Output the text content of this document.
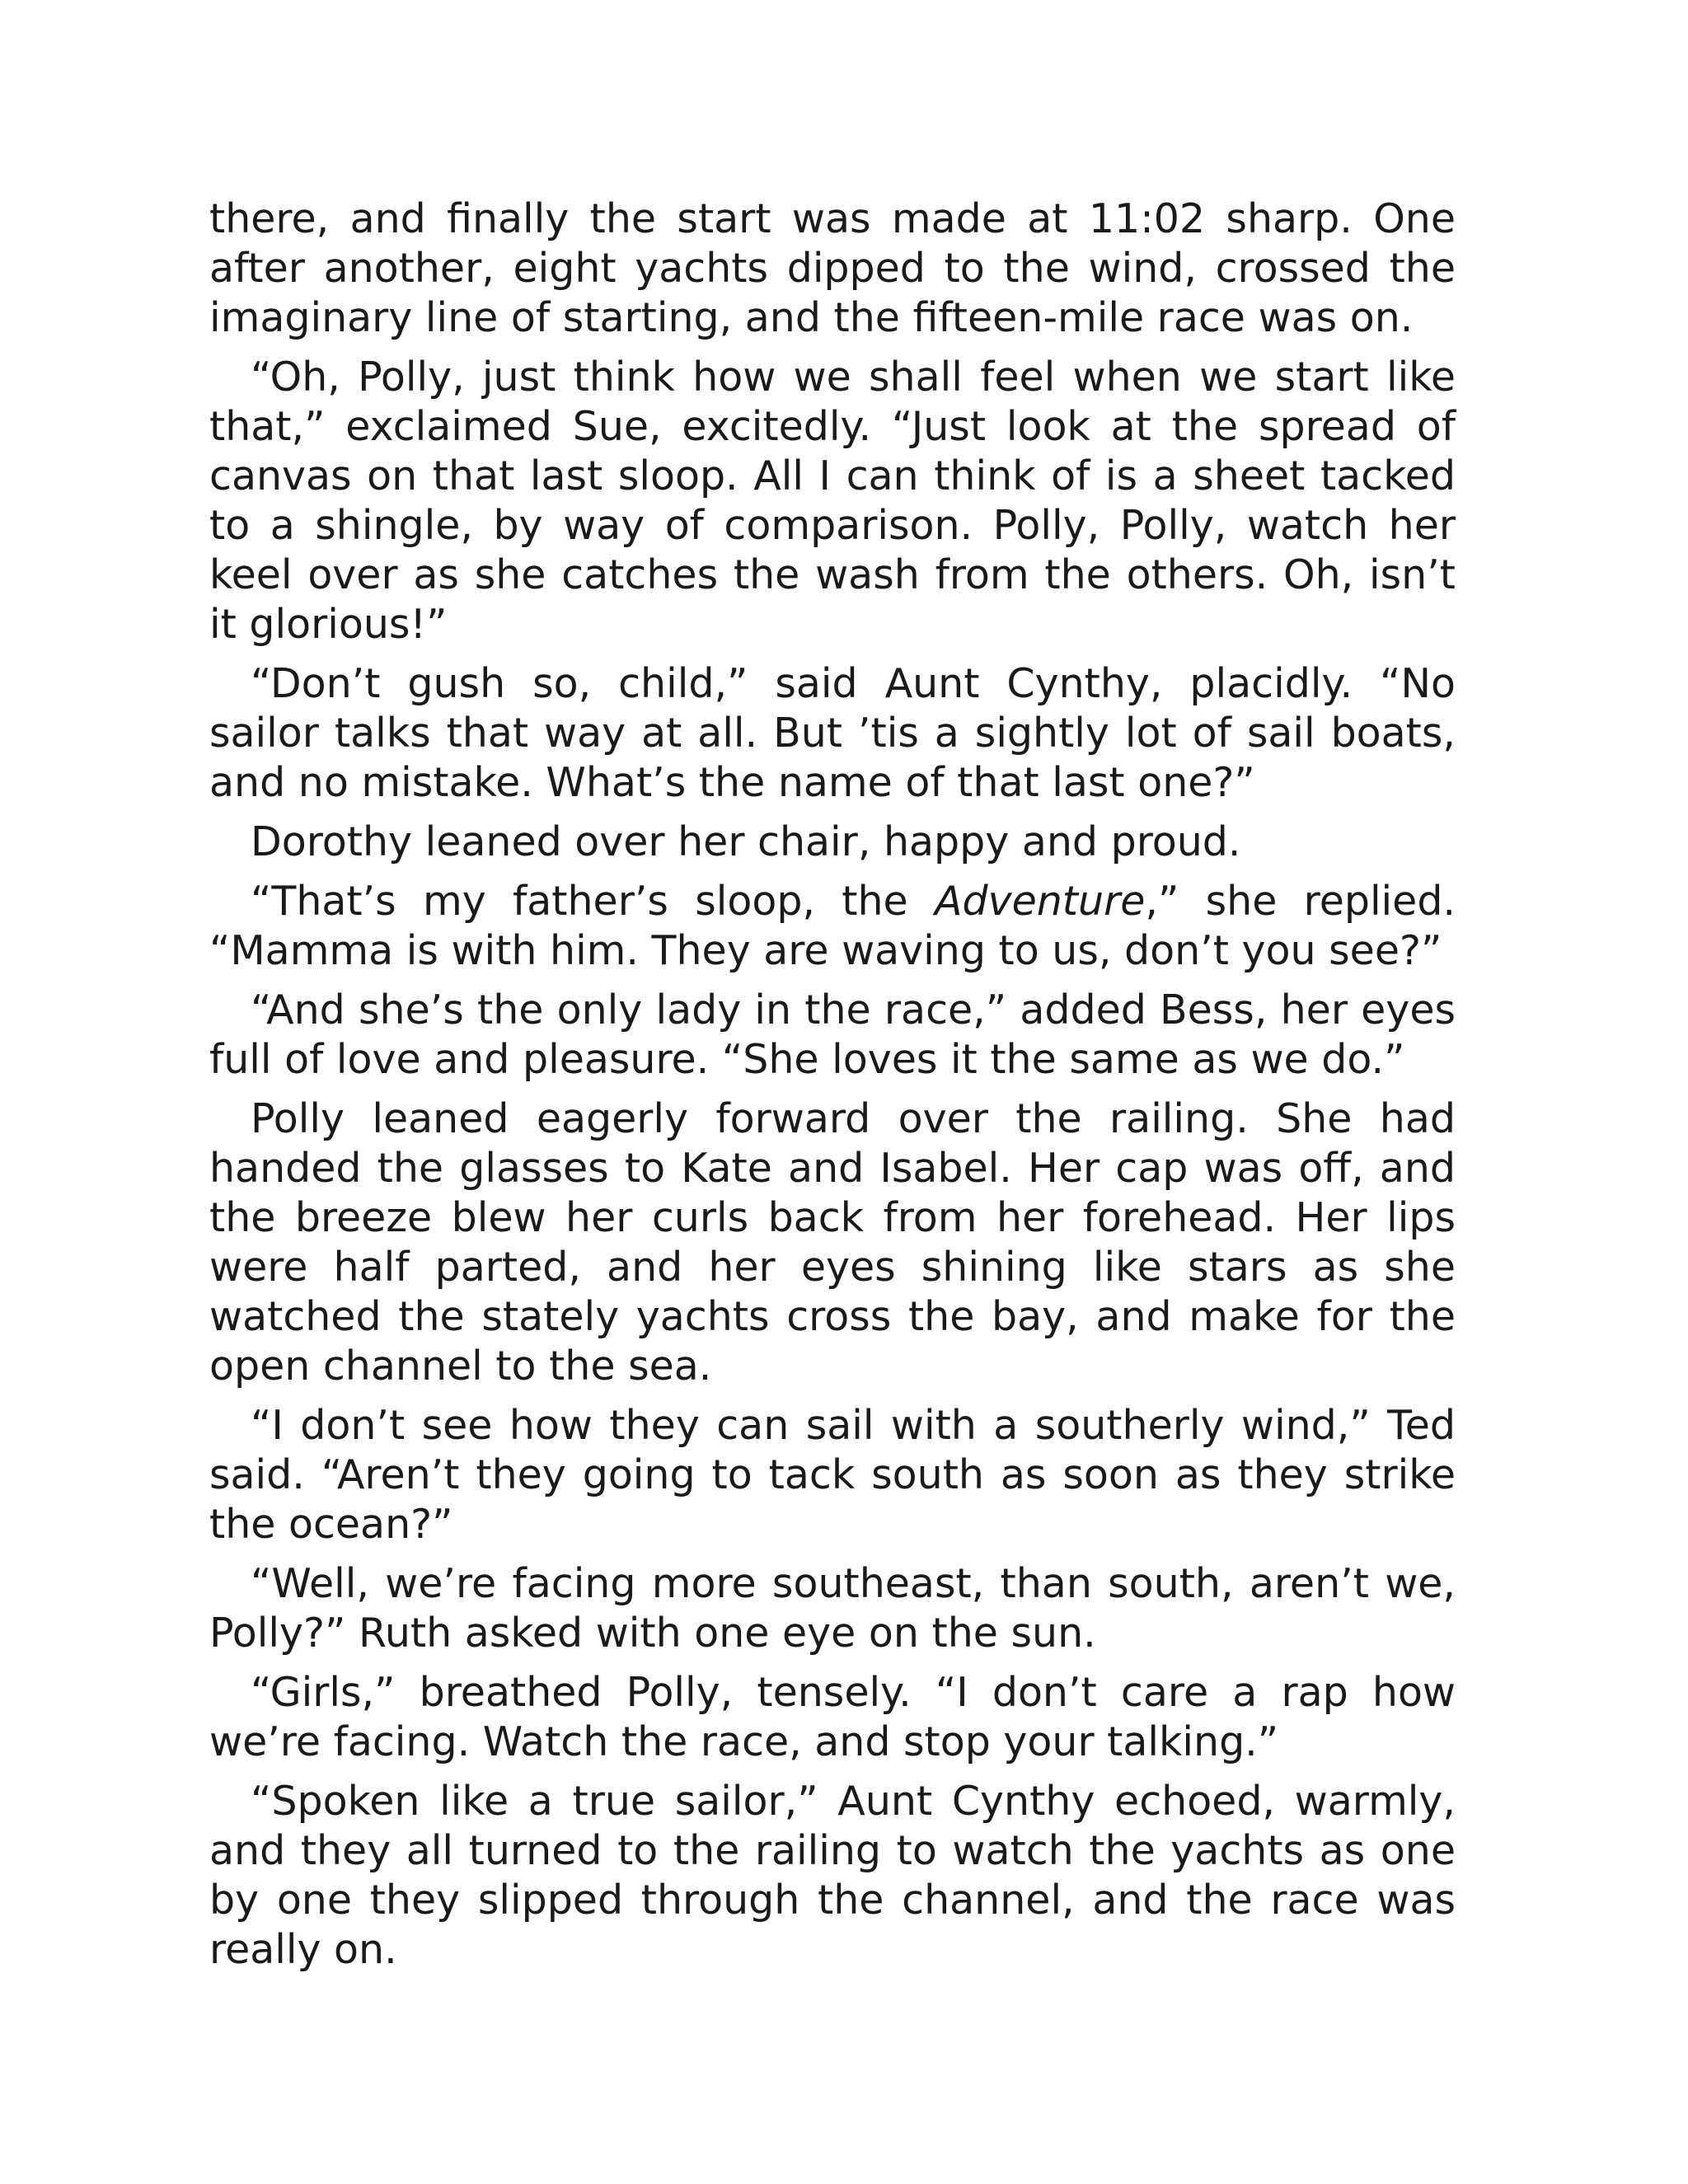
there, and finally the start was made at 11:02 sharp. One after another, eight yachts dipped to the wind, crossed the imaginary line of starting, and the fifteen-mile race was on.

“Oh, Polly, just think how we shall feel when we start like that,” exclaimed Sue, excitedly. “Just look at the spread of canvas on that last sloop. All I can think of is a sheet tacked to a shingle, by way of comparison. Polly, Polly, watch her keel over as she catches the wash from the others. Oh, isn’t it glorious!”

“Don’t gush so, child,” said Aunt Cynthy, placidly. “No sailor talks that way at all. But ’tis a sightly lot of sail boats, and no mistake. What’s the name of that last one?”

Dorothy leaned over her chair, happy and proud.

“That’s my father’s sloop, the Adventure,” she replied. “Mamma is with him. They are waving to us, don’t you see?”

“And she’s the only lady in the race,” added Bess, her eyes full of love and pleasure. “She loves it the same as we do.”

Polly leaned eagerly forward over the railing. She had handed the glasses to Kate and Isabel. Her cap was off, and the breeze blew her curls back from her forehead. Her lips were half parted, and her eyes shining like stars as she watched the stately yachts cross the bay, and make for the open channel to the sea.

“I don’t see how they can sail with a southerly wind,” Ted said. “Aren’t they going to tack south as soon as they strike the ocean?”

“Well, we’re facing more southeast, than south, aren’t we, Polly?” Ruth asked with one eye on the sun.

“Girls,” breathed Polly, tensely. “I don’t care a rap how we’re facing. Watch the race, and stop your talking.”

“Spoken like a true sailor,” Aunt Cynthy echoed, warmly, and they all turned to the railing to watch the yachts as one by one they slipped through the channel, and the race was really on.
